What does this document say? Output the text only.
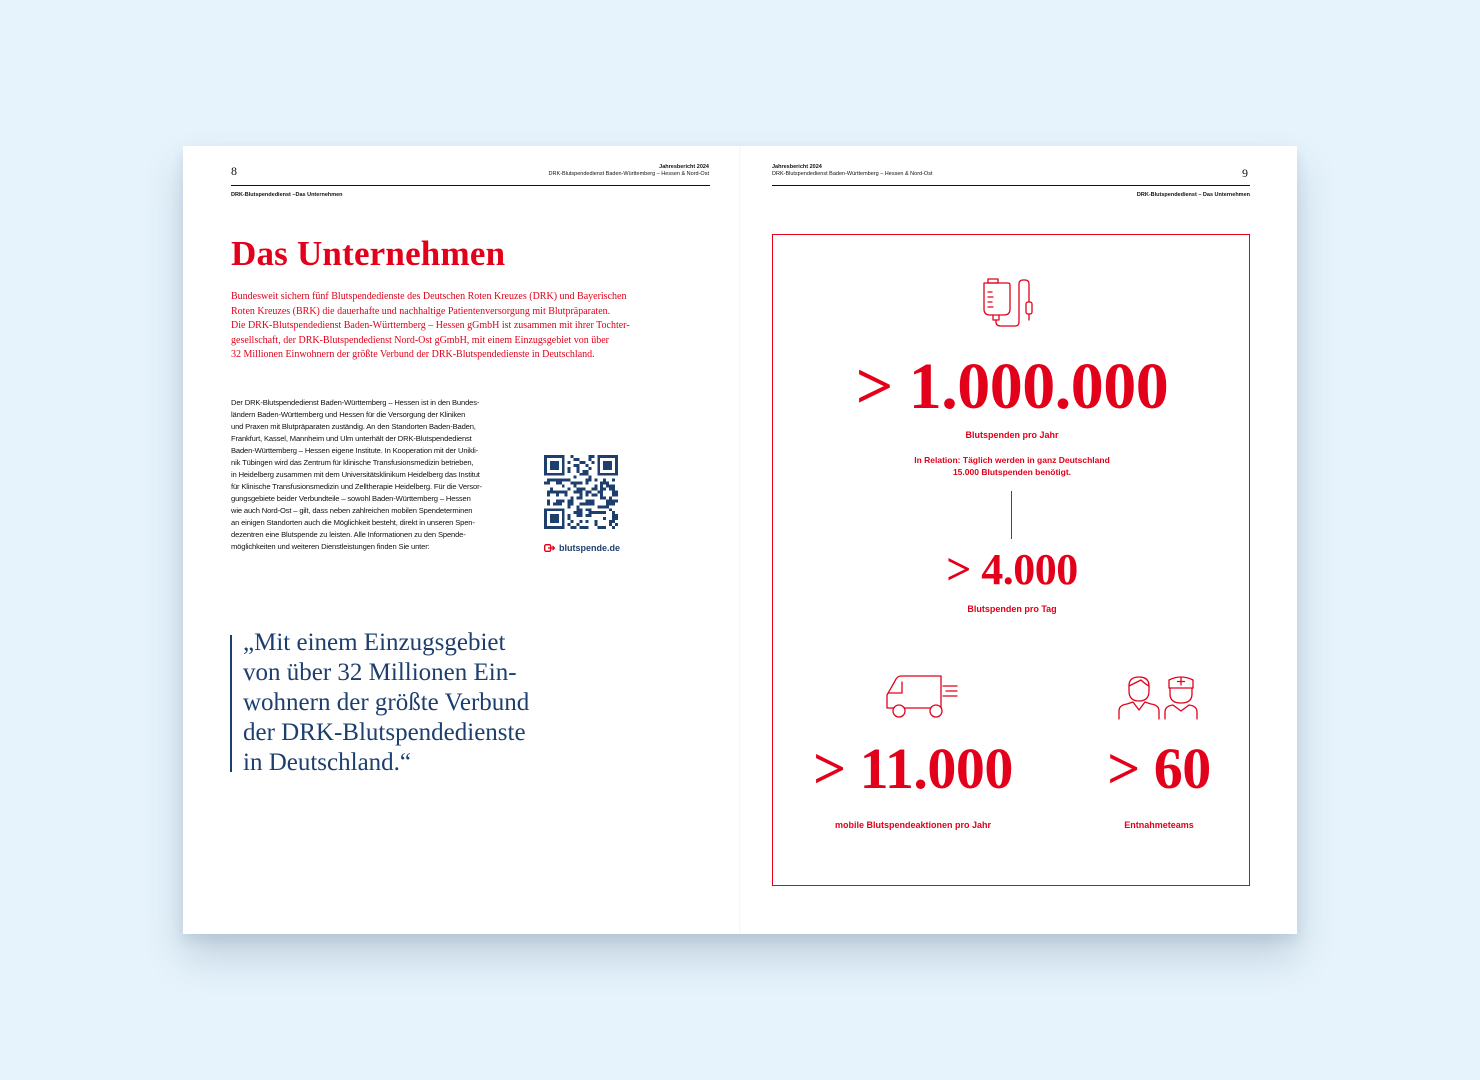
8	Jahresbericht 2024
DRK-Blutspendedienst Baden-Württemberg – Hessen & Nord-Ost
DRK-Blutspendedienst –Das Unternehmen
Das Unternehmen
Bundesweit sichern fünf Blutspendedienste des Deutschen Roten Kreuzes (DRK) und Bayerischen
Roten Kreuzes (BRK) die dauerhafte und nachhaltige Patientenversorgung mit Blutpräparaten.
Die DRK-Blutspendedienst Baden-Württemberg – Hessen gGmbH ist zusammen mit ihrer Tochter-
gesellschaft, der DRK-Blutspendedienst Nord-Ost gGmbH, mit einem Einzugsgebiet von über
32 Millionen Einwohnern der größte Verbund der DRK-Blutspendedienste in Deutschland.
Der DRK-Blutspendedienst Baden-Württemberg – Hessen ist in den Bundes-
ländern Baden-Württemberg und Hessen für die Versorgung der Kliniken
und Praxen mit Blutpräparaten zuständig. An den Standorten Baden-Baden,
Frankfurt, Kassel, Mannheim und Ulm unterhält der DRK-Blutspendedienst
Baden-Württemberg – Hessen eigene Institute. In Kooperation mit der Unikli-
nik Tübingen wird das Zentrum für klinische Transfusionsmedizin betrieben,
in Heidelberg zusammen mit dem Universitätsklinikum Heidelberg das Institut
für Klinische Transfusionsmedizin und Zelltherapie Heidelberg. Für die Versor-
gungsgebiete beider Verbundteile – sowohl Baden-Württemberg – Hessen
wie auch Nord-Ost – gilt, dass neben zahlreichen mobilen Spendeterminen
an einigen Standorten auch die Möglichkeit besteht, direkt in unseren Spen-
dezentren eine Blutspende zu leisten. Alle Informationen zu den Spende-
möglichkeiten und weiteren Dienstleistungen finden Sie unter:	blutspende.de
„Mit einem Einzugsgebiet
von über 32 Millionen Ein-
wohnern der größte Verbund
der DRK-Blutspendedienste
in Deutschland.“
Jahresbericht 2024
DRK-Blutspendedienst Baden-Württemberg – Hessen & Nord-Ost	9
DRK-Blutspendedienst – Das Unternehmen
> 1.000.000
Blutspenden pro Jahr
In Relation: Täglich werden in ganz Deutschland
15.000 Blutspenden benötigt.
> 4.000
Blutspenden pro Tag
> 11.000
mobile Blutspendeaktionen pro Jahr
> 60
Entnahmeteams
